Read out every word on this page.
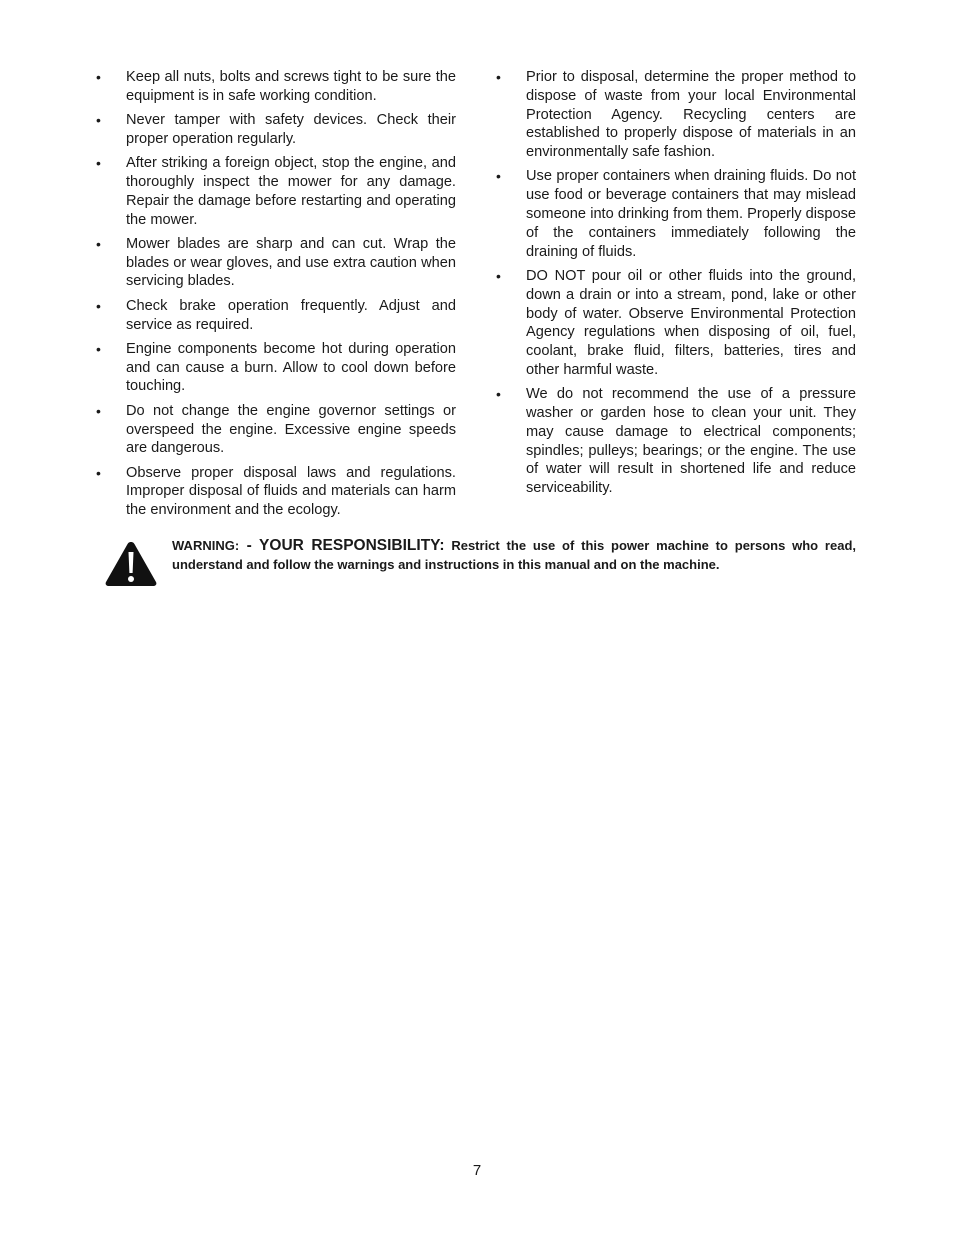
• Keep all nuts, bolts and screws tight to be sure the equipment is in safe working condition.
• Never tamper with safety devices. Check their proper operation regularly.
• After striking a foreign object, stop the engine, and thoroughly inspect the mower for any damage. Repair the damage before restarting and operating the mower.
• Mower blades are sharp and can cut. Wrap the blades or wear gloves, and use extra caution when servicing blades.
• Check brake operation frequently. Adjust and service as required.
• Engine components become hot during operation and can cause a burn. Allow to cool down before touching.
• Do not change the engine governor settings or overspeed the engine. Excessive engine speeds are dangerous.
• Observe proper disposal laws and regulations. Improper disposal of fluids and materials can harm the environment and the ecology.
• Prior to disposal, determine the proper method to dispose of waste from your local Environmental Protection Agency. Recycling centers are established to properly dispose of materials in an environmentally safe fashion.
• Use proper containers when draining fluids. Do not use food or beverage containers that may mislead someone into drinking from them. Properly dispose of the containers immediately following the draining of fluids.
• DO NOT pour oil or other fluids into the ground, down a drain or into a stream, pond, lake or other body of water. Observe Environmental Protection Agency regulations when disposing of oil, fuel, coolant, brake fluid, filters, batteries, tires and other harmful waste.
• We do not recommend the use of a pressure washer or garden hose to clean your unit. They may cause damage to electrical components; spindles; pulleys; bearings; or the engine. The use of water will result in shortened life and reduce serviceability.
WARNING: - YOUR RESPONSIBILITY: Restrict the use of this power machine to persons who read, understand and follow the warnings and instructions in this manual and on the machine.
7
